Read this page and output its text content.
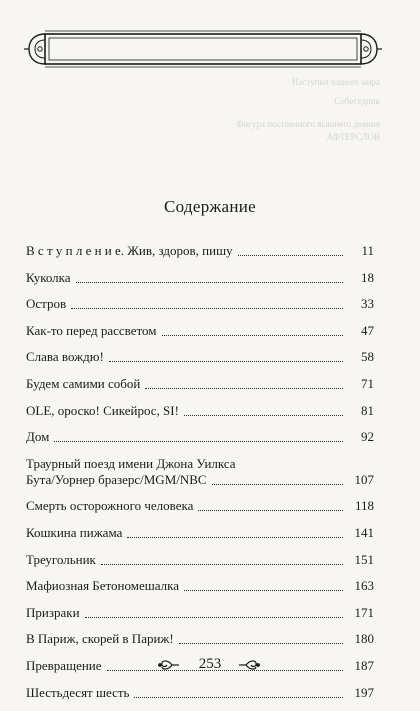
Наступил нашего мира
Собеседник
Фигура постоянного вышнего деяния
АФТЕРСЛОВ
Содержание
В с т у п л е н и е. Жив, здоров, пишу	11
Куколка	18
Остров	33
Как-то перед рассветом	47
Слава вождю!	58
Будем самими собой	71
OLE, ороско! Сикейрос, SI!	81
Дом	92
Траурный поезд имени Джона Уилкса
Бута/Уорнер бразерс/MGM/NBC	107
Смерть осторожного человека	118
Кошкина пижама	141
Треугольник	151
Мафиозная Бетономешалка	163
Призраки	171
В Париж, скорей в Париж!	180
Превращение	187
Шестьдесят шесть	197
253
